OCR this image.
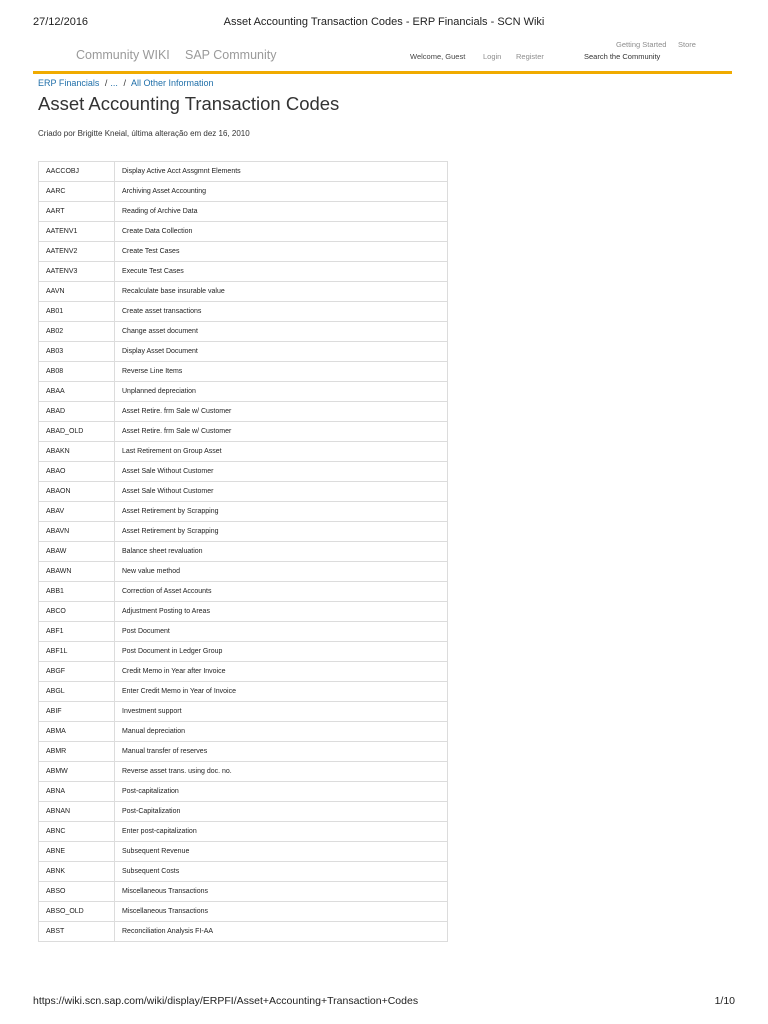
27/12/2016	Asset Accounting Transaction Codes - ERP Financials - SCN Wiki
Community WIKI SAP Community
Getting Started Store
Welcome, Guest Login Register	Search the Community
ERP Financials / ... / All Other Information
Asset Accounting Transaction Codes
Criado por Brigitte Kneial, última alteração em dez 16, 2010
AACCOBJ	Display Active Acct Assgmnt Elements
AARC	Archiving Asset Accounting
AART	Reading of Archive Data
AATENV1	Create Data Collection
AATENV2	Create Test Cases
AATENV3	Execute Test Cases
AAVN	Recalculate base insurable value
AB01	Create asset transactions
AB02	Change asset document
AB03	Display Asset Document
AB08	Reverse Line Items
ABAA	Unplanned depreciation
ABAD	Asset Retire. frm Sale w/ Customer
ABAD_OLD	Asset Retire. frm Sale w/ Customer
ABAKN	Last Retirement on Group Asset
ABAO	Asset Sale Without Customer
ABAON	Asset Sale Without Customer
ABAV	Asset Retirement by Scrapping
ABAVN	Asset Retirement by Scrapping
ABAW	Balance sheet revaluation
ABAWN	New value method
ABB1	Correction of Asset Accounts
ABCO	Adjustment Posting to Areas
ABF1	Post Document
ABF1L	Post Document in Ledger Group
ABGF	Credit Memo in Year after Invoice
ABGL	Enter Credit Memo in Year of Invoice
ABIF	Investment support
ABMA	Manual depreciation
ABMR	Manual transfer of reserves
ABMW	Reverse asset trans. using doc. no.
ABNA	Post-capitalization
ABNAN	Post-Capitalization
ABNC	Enter post-capitalization
ABNE	Subsequent Revenue
ABNK	Subsequent Costs
ABSO	Miscellaneous Transactions
ABSO_OLD	Miscellaneous Transactions
ABST	Reconciliation Analysis FI-AA
https://wiki.scn.sap.com/wiki/display/ERPFI/Asset+Accounting+Transaction+Codes	1/10
